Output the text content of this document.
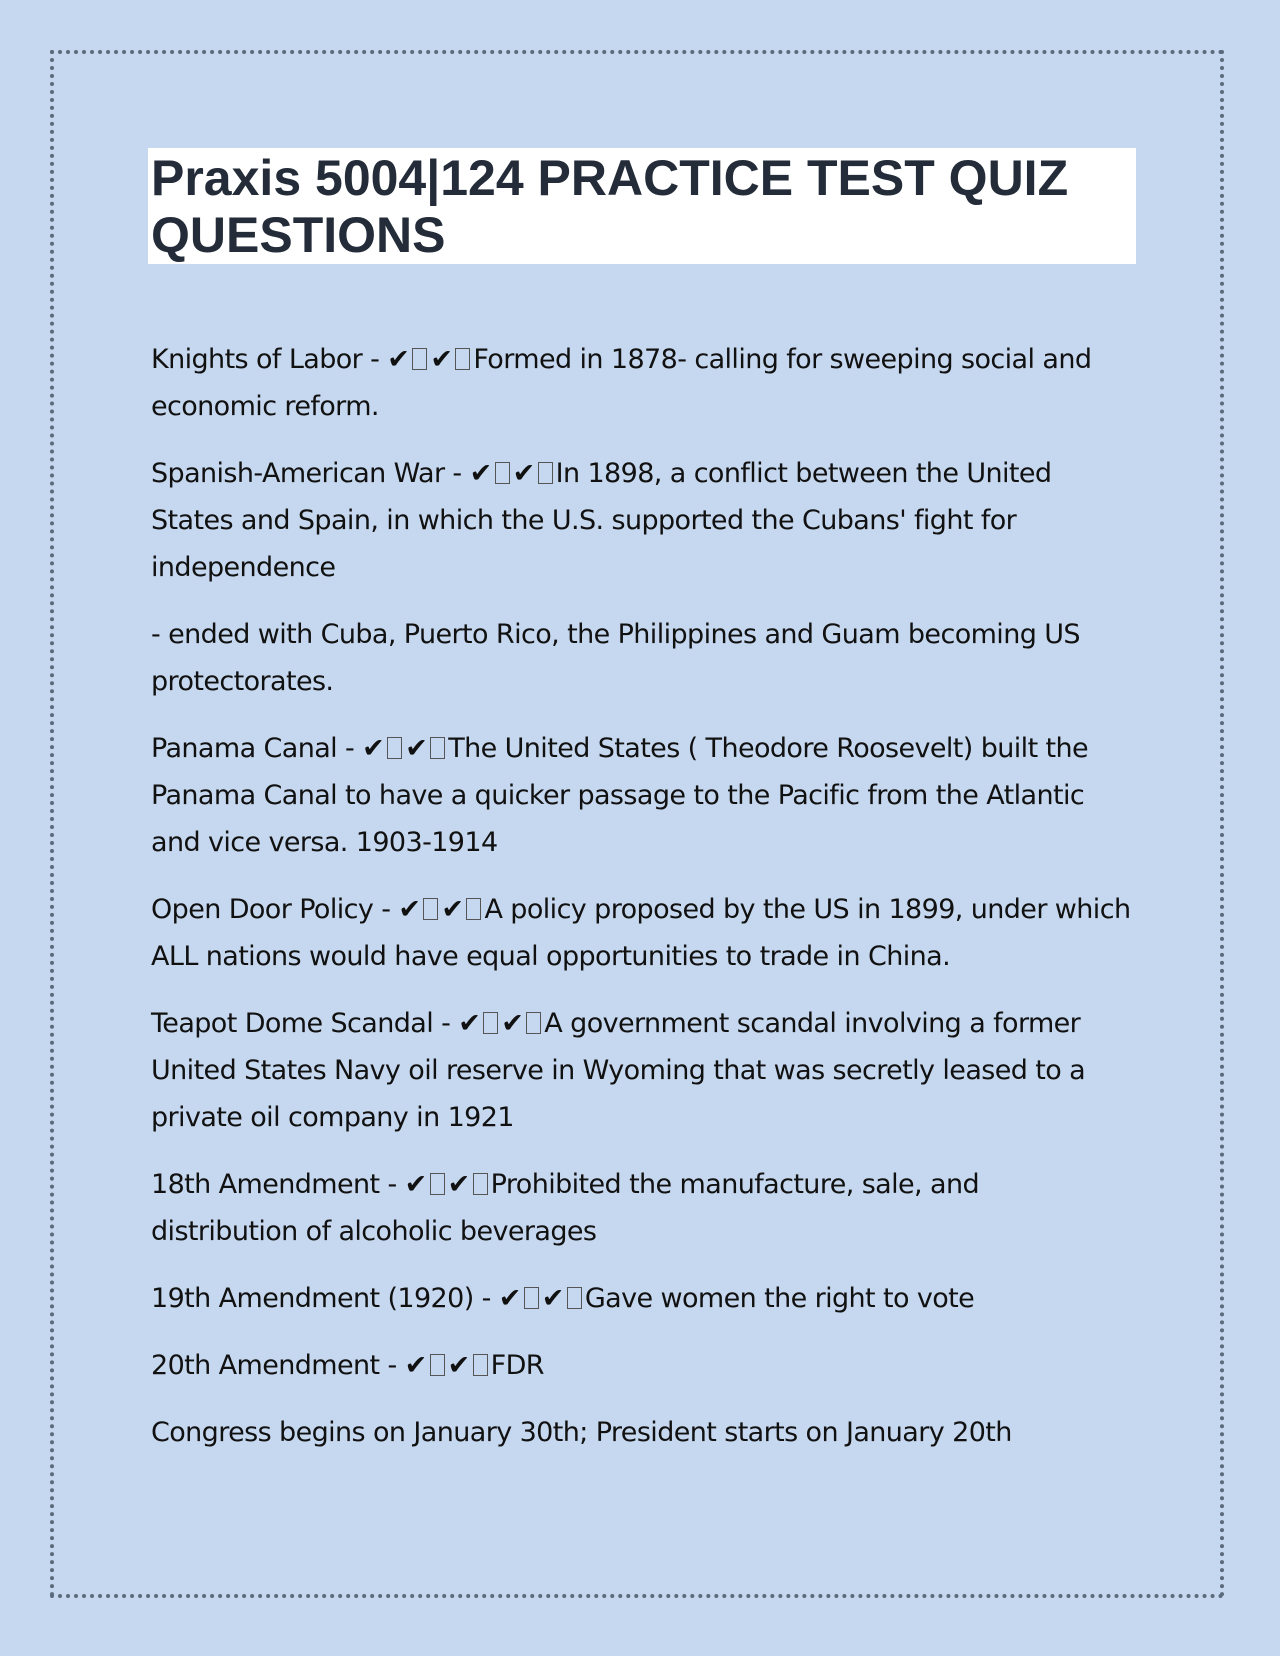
Praxis 5004|124 PRACTICE TEST QUIZ QUESTIONS

Knights of Labor - ✔ ✔ Formed in 1878- calling for sweeping social and economic reform.

Spanish-American War - ✔ ✔ In 1898, a conflict between the United States and Spain, in which the U.S. supported the Cubans' fight for independence

- ended with Cuba, Puerto Rico, the Philippines and Guam becoming US protectorates.

Panama Canal - ✔ ✔ The United States ( Theodore Roosevelt) built the Panama Canal to have a quicker passage to the Pacific from the Atlantic and vice versa. 1903-1914

Open Door Policy - ✔ ✔ A policy proposed by the US in 1899, under which ALL nations would have equal opportunities to trade in China.

Teapot Dome Scandal - ✔ ✔ A government scandal involving a former United States Navy oil reserve in Wyoming that was secretly leased to a private oil company in 1921

18th Amendment - ✔ ✔ Prohibited the manufacture, sale, and distribution of alcoholic beverages

19th Amendment (1920) - ✔ ✔ Gave women the right to vote

20th Amendment - ✔ ✔ FDR

Congress begins on January 30th; President starts on January 20th
